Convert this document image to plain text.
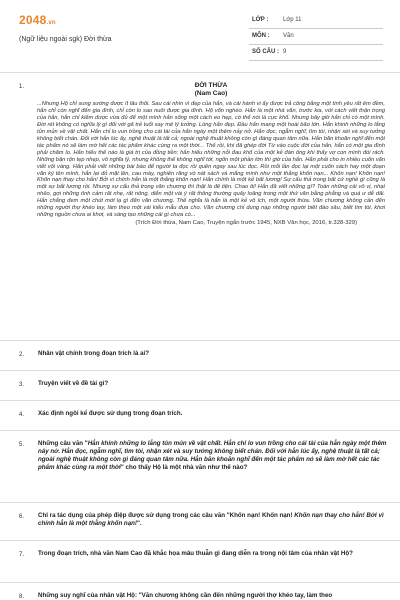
2048.vn
(Ngữ liệu ngoài sgk) Đời thừa
LỚP : Lớp 11
MÔN : Văn
SỐ CÂU : 9
1.	ĐỜI THỪA
(Nam Cao)
...Nhưng Hộ chỉ sung sướng được ít lâu thôi. Sau cái nhìn vì đẹp của hắn, và cái hành vi ấy được trả công bằng một tình yêu rất êm đềm, hắn chỉ còn nghĩ đến gia đình, chỉ còn lo sao nuôi được gia đình. Hộ vốn nghèo. Hắn là một nhà văn, trước kia, với cách viết thận trọng của hắn, hắn chỉ kiếm được vừa đủ để một mình hắn sống một cách eo hẹp, có thể nói là cực khổ. Nhưng bây giờ hắn chỉ có một mình. Đời rét không có nghĩa lý gì đối với gã trẻ tuổi say mê lý tưởng. Lòng hắn đẹp. Đầu hắn mang một hoài bão lớn. Hắn khinh những lo lắng tủn mủn về vật chất. Hắn chỉ lo vun trồng cho cái tài của hắn ngày một thêm nảy nở. Hắn đọc, ngẫm nghĩ, tìm tòi, nhận xét và suy tưởng không biết chán. Đối với hắn lúc ấy, nghệ thuật là tất cả; ngoài nghệ thuật không còn gì đáng quan tâm nữa. Hắn băn khoăn nghĩ đến một tác phẩm nó sẽ làm mờ hết các tác phẩm khác cùng ra một thời... Thế rồi, khi đã ghép đời Từ vào cuộc đời của hắn, hắn có một gia đình phải chăm lo. Hắn hiểu thế nào là giá trị của đồng tiền; hắn hiểu những nỗi đau khổ của một kẻ đàn ông khi thấy vợ con mình đói rách. Những bận rộn tẹp nhẹp, vô nghĩa lý, nhưng không thể không nghĩ tới, ngốn một phần lớn thì giờ của hắn. Hắn phải cho in nhiều cuốn văn viết vội vàng. Hắn phải viết những bài báo để người ta đọc rồi quên ngay sau lúc đọc. Rồi mỗi lần đọc lại một cuốn sách hay một đoạn văn ký tên mình, hắn lại đỏ mặt lên, cau mày, nghiến răng vò nát sách và mắng mình như một thằng khốn nạn... Khốn nạn! Khốn nạn! Khốn nạn thay cho hắn! Bởi vì chính hắn là một thằng khốn nạn! Hắn chính là một kẻ bất lương! Sự cẩu thả trong bất cứ nghề gì cũng là một sự bất lương rồi. Nhưng sự cẩu thả trong văn chương thì thật là đê tiện. Chao ôi! Hắn đã viết những gì? Toàn những cái vô vị, nhạt nhẽo, gợi những tình cảm rất nhẹ, rất nông, diễn một vài ý rất thông thường quấy loãng trong một thứ văn bằng phẳng và quá ư dễ dãi. Hắn chẳng đem một chút mới lạ gì đến văn chương. Thế nghĩa là hắn là một kẻ vô ích, một người thừa. Văn chương không cần đến những người thợ khéo tay, làm theo một vài kiểu mẫu đưa cho. Văn chương chỉ dung nạp những người biết đào sâu, biết tìm tòi, khơi những nguồn chưa ai khơi, và sáng tạo những cái gì chưa có...
(Trích Đời thừa, Nam Cao, Truyện ngắn trước 1945, NXB Văn học, 2016, tr.328-329)
2. Nhân vật chính trong đoạn trích là ai?
3. Truyện viết về đề tài gì?
4. Xác định ngôi kể được sử dụng trong đoạn trích.
5. Những câu văn "Hắn khinh những lo lắng tủn mủn về vật chất. Hắn chỉ lo vun trồng cho cái tài của hắn ngày một thêm nảy nở. Hắn đọc, ngẫm nghĩ, tìm tòi, nhận xét và suy tưởng không biết chán. Đối với hắn lúc ấy, nghệ thuật là tất cả; ngoài nghệ thuật không còn gì đáng quan tâm nữa. Hắn băn khoăn nghĩ đến một tác phẩm nó sẽ làm mờ hết các tác phẩm khác cùng ra một thời" cho thấy Hộ là một nhà văn như thế nào?
6. Chỉ ra tác dụng của phép điệp được sử dụng trong các câu văn "Khốn nạn! Khốn nạn! Khốn nạn thay cho hắn! Bởi vì chính hắn là một thằng khốn nạn!".
7. Trong đoạn trích, nhà văn Nam Cao đã khắc họa mâu thuẫn gì đang diễn ra trong nội tâm của nhân vật Hộ?
8. Những suy nghĩ của nhân vật Hộ: "Văn chương không cần đến những người thợ khéo tay, làm theo
